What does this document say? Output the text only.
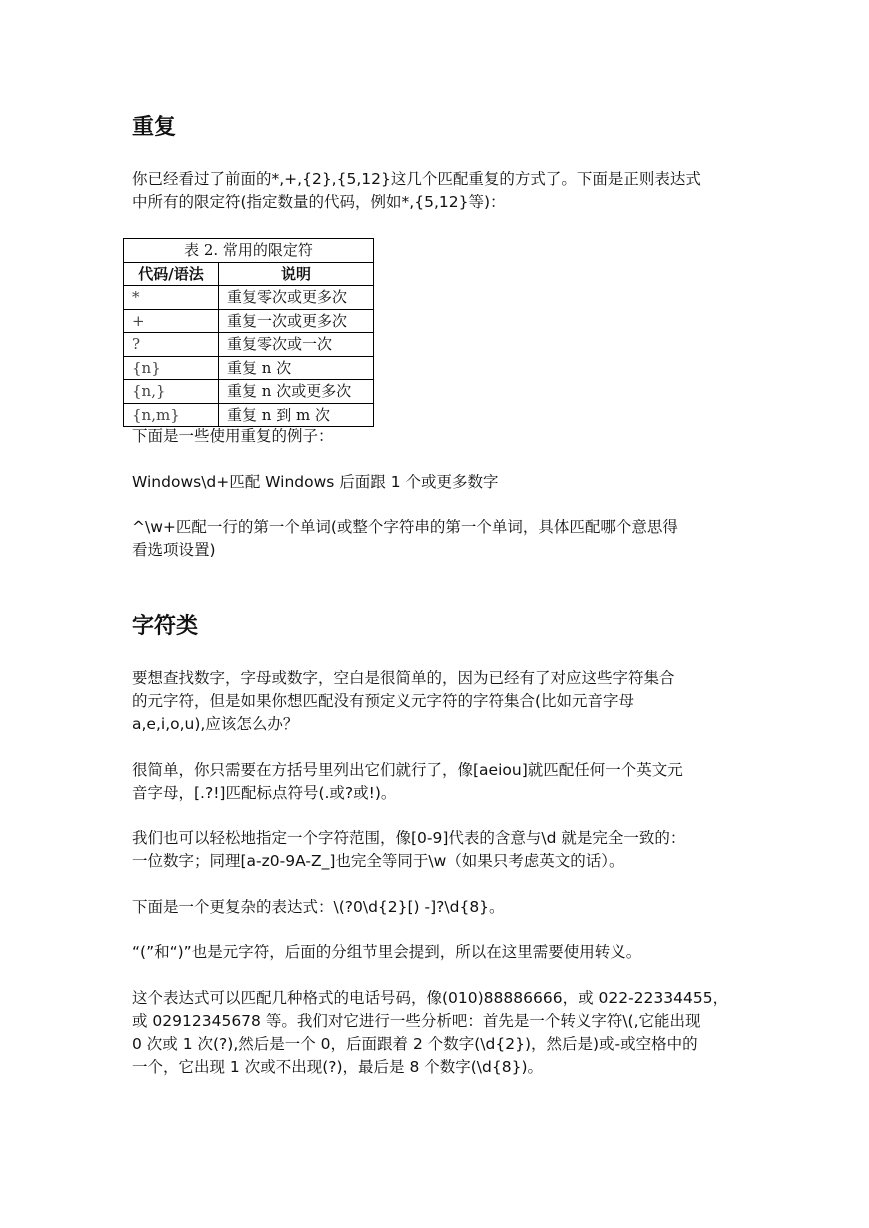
重复

你已经看过了前面的*,+,{2},{5,12}这几个匹配重复的方式了。下面是正则表达式
中所有的限定符(指定数量的代码，例如*,{5,12}等)：

表 2. 常用的限定符	
代码/语法	说明
*	重复零次或更多次
+	重复一次或更多次
?	重复零次或一次
{n}	重复 n 次
{n,}	重复 n 次或更多次
{n,m}	重复 n 到 m 次

下面是一些使用重复的例子：

Windows\d+匹配 Windows 后面跟 1 个或更多数字

^\w+匹配一行的第一个单词(或整个字符串的第一个单词，具体匹配哪个意思得
看选项设置)

字符类

要想查找数字，字母或数字，空白是很简单的，因为已经有了对应这些字符集合
的元字符，但是如果你想匹配没有预定义元字符的字符集合(比如元音字母
a,e,i,o,u),应该怎么办？

很简单，你只需要在方括号里列出它们就行了，像[aeiou]就匹配任何一个英文元
音字母，[.?!]匹配标点符号(.或?或!)。

我们也可以轻松地指定一个字符范围，像[0-9]代表的含意与\d 就是完全一致的：
一位数字；同理[a-z0-9A-Z_]也完全等同于\w（如果只考虑英文的话）。

下面是一个更复杂的表达式：\(?0\d{2}[) -]?\d{8}。

“(”和“)”也是元字符，后面的分组节里会提到，所以在这里需要使用转义。

这个表达式可以匹配几种格式的电话号码，像(010)88886666，或 022-22334455，
或 02912345678 等。我们对它进行一些分析吧：首先是一个转义字符\(,它能出现
0 次或 1 次(?),然后是一个 0，后面跟着 2 个数字(\d{2})，然后是)或-或空格中的
一个，它出现 1 次或不出现(?)，最后是 8 个数字(\d{8})。
